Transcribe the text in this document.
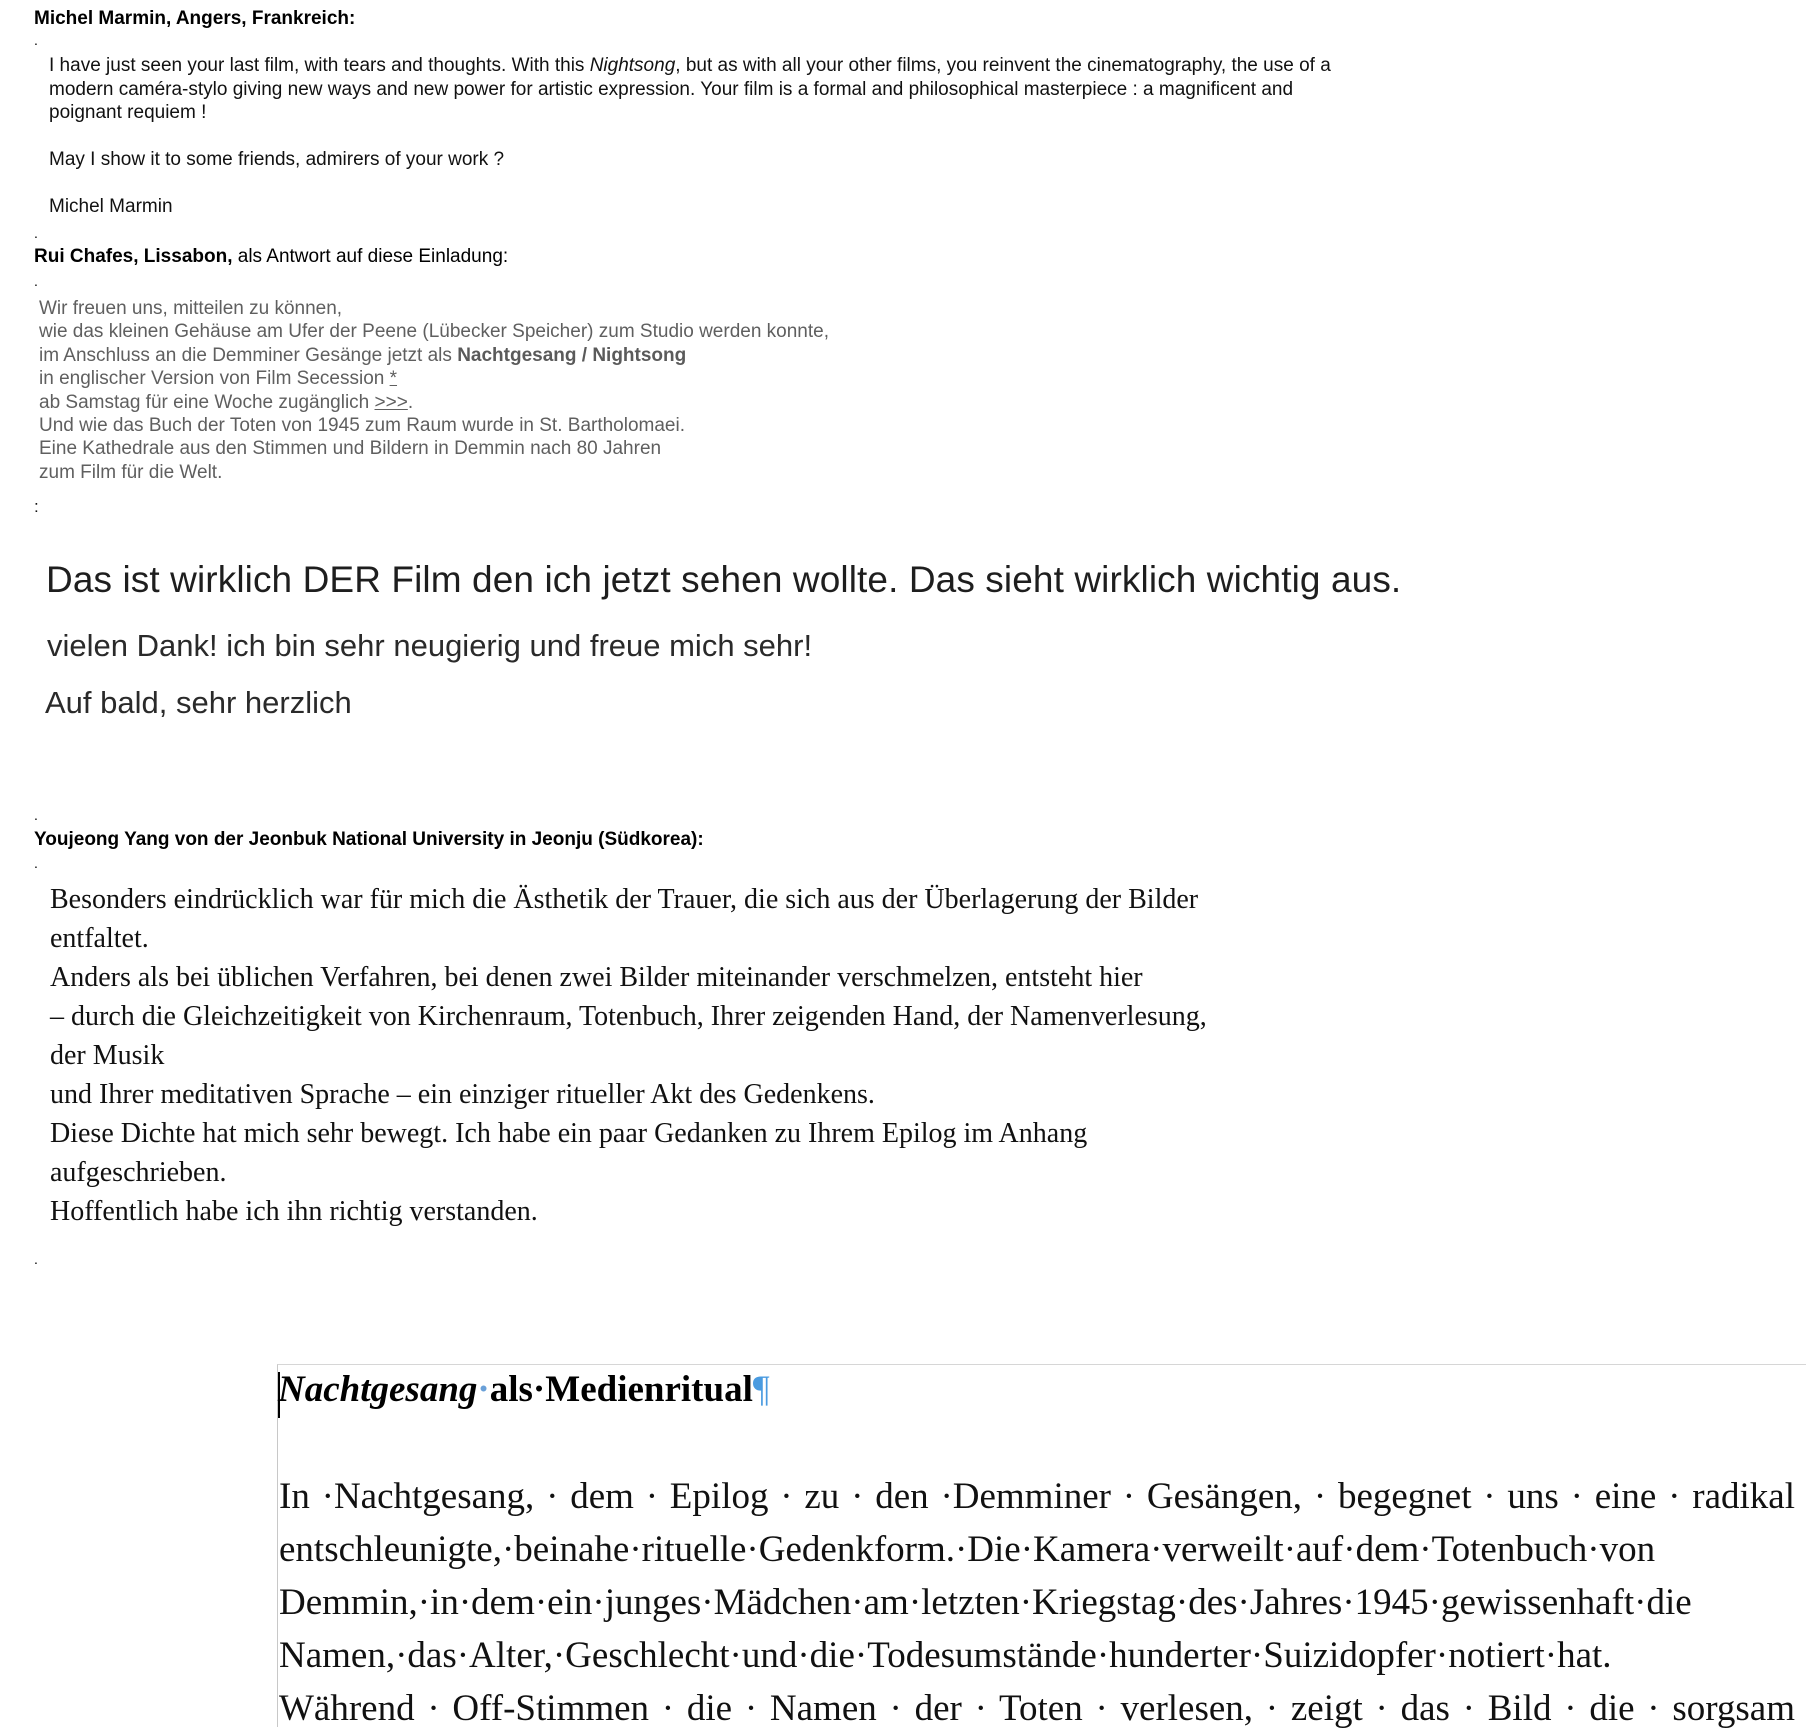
Michel Marmin, Angers, Frankreich:
.

I have just seen your last film, with tears and thoughts. With this Nightsong, but as with all your other films, you reinvent the cinematography, the use of a

modern caméra-stylo giving new ways and new power for artistic expression. Your film is a formal and philosophical masterpiece : a magnificent and

poignant requiem !

May I show it to some friends, admirers of your work ?

Michel Marmin

.
Rui Chafes, Lissabon, als Antwort auf diese Einladung:
.
Wir freuen uns, mitteilen zu können,
wie das kleinen Gehäuse am Ufer der Peene (Lübecker Speicher) zum Studio werden konnte,
im Anschluss an die Demminer Gesänge jetzt als Nachtgesang / Nightsong
in englischer Version von Film Secession *
ab Samstag für eine Woche zugänglich >>>.
Und wie das Buch der Toten von 1945 zum Raum wurde in St. Bartholomaei.
Eine Kathedrale aus den Stimmen und Bildern in Demmin nach 80 Jahren
zum Film für die Welt.
:
Das ist wirklich DER Film den ich jetzt sehen wollte. Das sieht wirklich wichtig aus.
vielen Dank! ich bin sehr neugierig und freue mich sehr!
Auf bald, sehr herzlich
.
Youjeong Yang von der Jeonbuk National University in Jeonju (Südkorea):
.
Besonders eindrücklich war für mich die Ästhetik der Trauer, die sich aus der Überlagerung der Bilder
entfaltet.
Anders als bei üblichen Verfahren, bei denen zwei Bilder miteinander verschmelzen, entsteht hier
– durch die Gleichzeitigkeit von Kirchenraum, Totenbuch, Ihrer zeigenden Hand, der Namenverlesung,
der Musik
und Ihrer meditativen Sprache – ein einziger ritueller Akt des Gedenkens.
Diese Dichte hat mich sehr bewegt. Ich habe ein paar Gedanken zu Ihrem Epilog im Anhang
aufgeschrieben.
Hoffentlich habe ich ihn richtig verstanden.
.
Nachtgesang·als·Medienritual¶
In ·Nachtgesang, · dem · Epilog · zu · den ·Demminer · Gesängen, · begegnet · uns · eine · radikal
entschleunigte,·beinahe·rituelle·Gedenkform.·Die·Kamera·verweilt·auf·dem·Totenbuch·von
Demmin,·in·dem·ein·junges·Mädchen·am·letzten·Kriegstag·des·Jahres·1945·gewissenhaft·die
Namen,·das·Alter,·Geschlecht·und·die·Todesumstände·hunderter·Suizidopfer·notiert·hat.
Während · Off-Stimmen · die · Namen · der · Toten · verlesen, · zeigt · das · Bild · die · sorgsam
